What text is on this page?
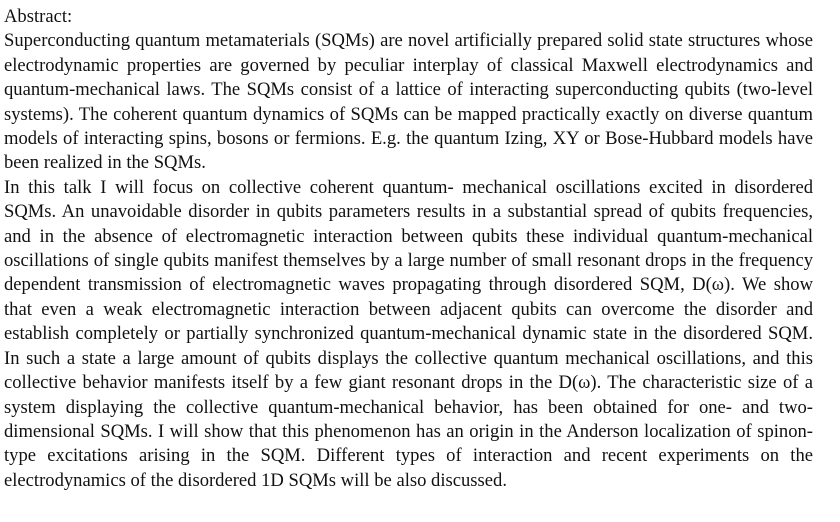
Abstract:

Superconducting quantum metamaterials (SQMs) are novel artificially prepared solid state structures whose electrodynamic properties are governed by peculiar interplay of classical Maxwell electrodynamics and quantum-mechanical laws. The SQMs consist of a lattice of interacting superconducting qubits (two-level systems). The coherent quantum dynamics of SQMs can be mapped practically exactly on diverse quantum models of interacting spins, bosons or fermions. E.g. the quantum Izing, XY or Bose-Hubbard models have been realized in the SQMs.

In this talk I will focus on collective coherent quantum- mechanical oscillations excited in disordered SQMs. An unavoidable disorder in qubits parameters results in a substantial spread of qubits frequencies, and in the absence of electromagnetic interaction between qubits these individual quantum-mechanical oscillations of single qubits manifest themselves by a large number of small resonant drops in the frequency dependent transmission of electromagnetic waves propagating through disordered SQM, D(ω). We show that even a weak electromagnetic interaction between adjacent qubits can overcome the disorder and establish completely or partially synchronized quantum-mechanical dynamic state in the disordered SQM. In such a state a large amount of qubits displays the collective quantum mechanical oscillations, and this collective behavior manifests itself by a few giant resonant drops in the D(ω). The characteristic size of a system displaying the collective quantum-mechanical behavior, has been obtained for one- and two-dimensional SQMs. I will show that this phenomenon has an origin in the Anderson localization of spinon-type excitations arising in the SQM. Different types of interaction and recent experiments on the electrodynamics of the disordered 1D SQMs will be also discussed.
